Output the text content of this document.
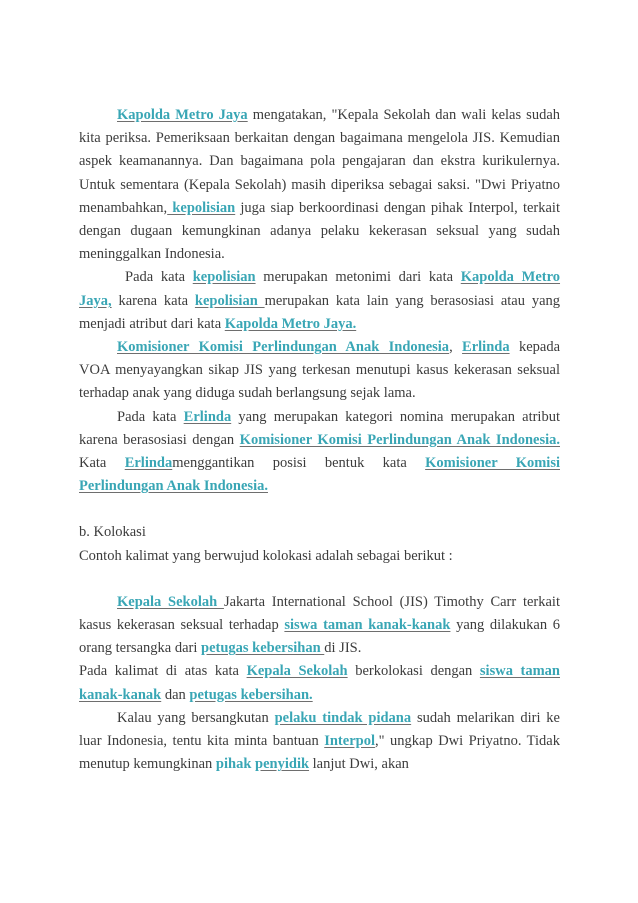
Kapolda Metro Jaya mengatakan, "Kepala Sekolah dan wali kelas sudah kita periksa. Pemeriksaan berkaitan dengan bagaimana mengelola JIS. Kemudian aspek keamanannya. Dan bagaimana pola pengajaran dan ekstra kurikulernya. Untuk sementara (Kepala Sekolah) masih diperiksa sebagai saksi. "Dwi Priyatno menambahkan, kepolisian juga siap berkoordinasi dengan pihak Interpol, terkait dengan dugaan kemungkinan adanya pelaku kekerasan seksual yang sudah meninggalkan Indonesia.

Pada kata kepolisian merupakan metonimi dari kata Kapolda Metro Jaya, karena kata kepolisian merupakan kata lain yang berasosiasi atau yang menjadi atribut dari kata Kapolda Metro Jaya.

Komisioner Komisi Perlindungan Anak Indonesia, Erlinda kepada VOA menyayangkan sikap JIS yang terkesan menutupi kasus kekerasan seksual terhadap anak yang diduga sudah berlangsung sejak lama.

Pada kata Erlinda yang merupakan kategori nomina merupakan atribut karena berasosiasi dengan Komisioner Komisi Perlindungan Anak Indonesia. Kata Erlindamenggantikan posisi bentuk kata Komisioner Komisi Perlindungan Anak Indonesia.

b. Kolokasi

Contoh kalimat yang berwujud kolokasi adalah sebagai berikut :

Kepala Sekolah Jakarta International School (JIS) Timothy Carr terkait kasus kekerasan seksual terhadap siswa taman kanak-kanak yang dilakukan 6 orang tersangka dari petugas kebersihan di JIS.

Pada kalimat di atas kata Kepala Sekolah berkolokasi dengan siswa taman kanak-kanak dan petugas kebersihan.

Kalau yang bersangkutan pelaku tindak pidana sudah melarikan diri ke luar Indonesia, tentu kita minta bantuan Interpol," ungkap Dwi Priyatno. Tidak menutup kemungkinan pihak penyidik lanjut Dwi, akan
